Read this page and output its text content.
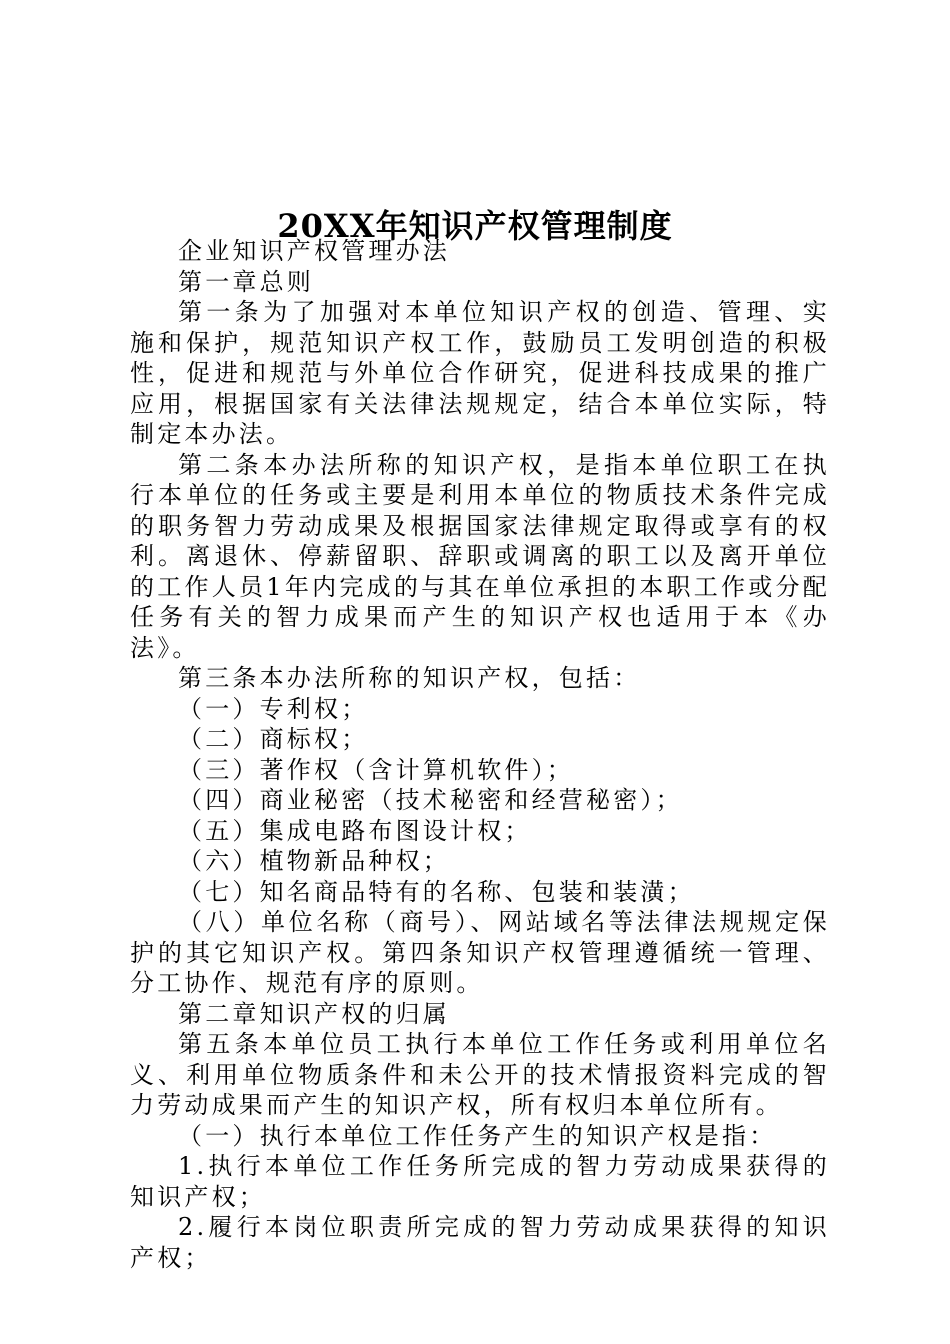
20XX年知识产权管理制度

企业知识产权管理办法

第一章总则

第一条为了加强对本单位知识产权的创造、管理、实施和保护，规范知识产权工作，鼓励员工发明创造的积极性，促进和规范与外单位合作研究，促进科技成果的推广应用，根据国家有关法律法规规定，结合本单位实际，特制定本办法。

第二条本办法所称的知识产权，是指本单位职工在执行本单位的任务或主要是利用本单位的物质技术条件完成的职务智力劳动成果及根据国家法律规定取得或享有的权利。离退休、停薪留职、辞职或调离的职工以及离开单位的工作人员1年内完成的与其在单位承担的本职工作或分配任务有关的智力成果而产生的知识产权也适用于本《办法》。

第三条本办法所称的知识产权，包括：

（一）专利权；

（二）商标权；

（三）著作权（含计算机软件）；

（四）商业秘密（技术秘密和经营秘密）；

（五）集成电路布图设计权；

（六）植物新品种权；

（七）知名商品特有的名称、包装和装潢；

（八）单位名称（商号）、网站域名等法律法规规定保护的其它知识产权。第四条知识产权管理遵循统一管理、分工协作、规范有序的原则。

第二章知识产权的归属

第五条本单位员工执行本单位工作任务或利用单位名义、利用单位物质条件和未公开的技术情报资料完成的智力劳动成果而产生的知识产权，所有权归本单位所有。

（一）执行本单位工作任务产生的知识产权是指：

1.执行本单位工作任务所完成的智力劳动成果获得的知识产权；

2.履行本岗位职责所完成的智力劳动成果获得的知识产权；
